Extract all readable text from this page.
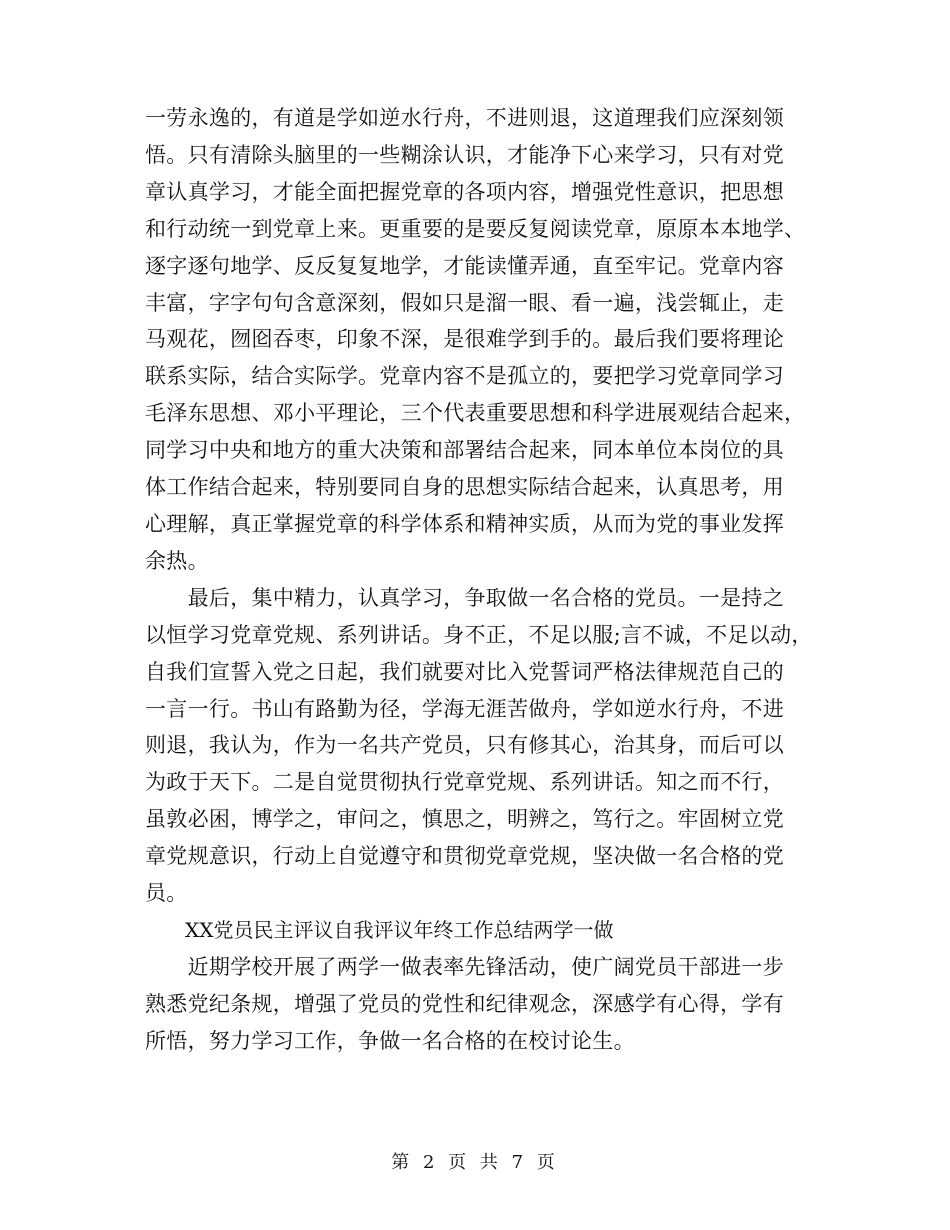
一劳永逸的，有道是学如逆水行舟，不进则退，这道理我们应深刻领
悟。只有清除头脑里的一些糊涂认识，才能净下心来学习，只有对党
章认真学习，才能全面把握党章的各项内容，增强党性意识，把思想
和行动统一到党章上来。更重要的是要反复阅读党章，原原本本地学、
逐字逐句地学、反反复复地学，才能读懂弄通，直至牢记。党章内容
丰富，字字句句含意深刻，假如只是溜一眼、看一遍，浅尝辄止，走
马观花，囫囵吞枣，印象不深，是很难学到手的。最后我们要将理论
联系实际，结合实际学。党章内容不是孤立的，要把学习党章同学习
毛泽东思想、邓小平理论，三个代表重要思想和科学进展观结合起来，
同学习中央和地方的重大决策和部署结合起来，同本单位本岗位的具
体工作结合起来，特别要同自身的思想实际结合起来，认真思考，用
心理解，真正掌握党章的科学体系和精神实质，从而为党的事业发挥
余热。
　　最后，集中精力，认真学习，争取做一名合格的党员。一是持之
以恒学习党章党规、系列讲话。身不正，不足以服;言不诚，不足以动，
自我们宣誓入党之日起，我们就要对比入党誓词严格法律规范自己的
一言一行。书山有路勤为径，学海无涯苦做舟，学如逆水行舟，不进
则退，我认为，作为一名共产党员，只有修其心，治其身，而后可以
为政于天下。二是自觉贯彻执行党章党规、系列讲话。知之而不行，
虽敦必困，博学之，审问之，慎思之，明辨之，笃行之。牢固树立党
章党规意识，行动上自觉遵守和贯彻党章党规，坚决做一名合格的党
员。
　　XX党员民主评议自我评议年终工作总结两学一做
　　近期学校开展了两学一做表率先锋活动，使广阔党员干部进一步
熟悉党纪条规，增强了党员的党性和纪律观念，深感学有心得，学有
所悟，努力学习工作，争做一名合格的在校讨论生。
第 2 页 共 7 页
